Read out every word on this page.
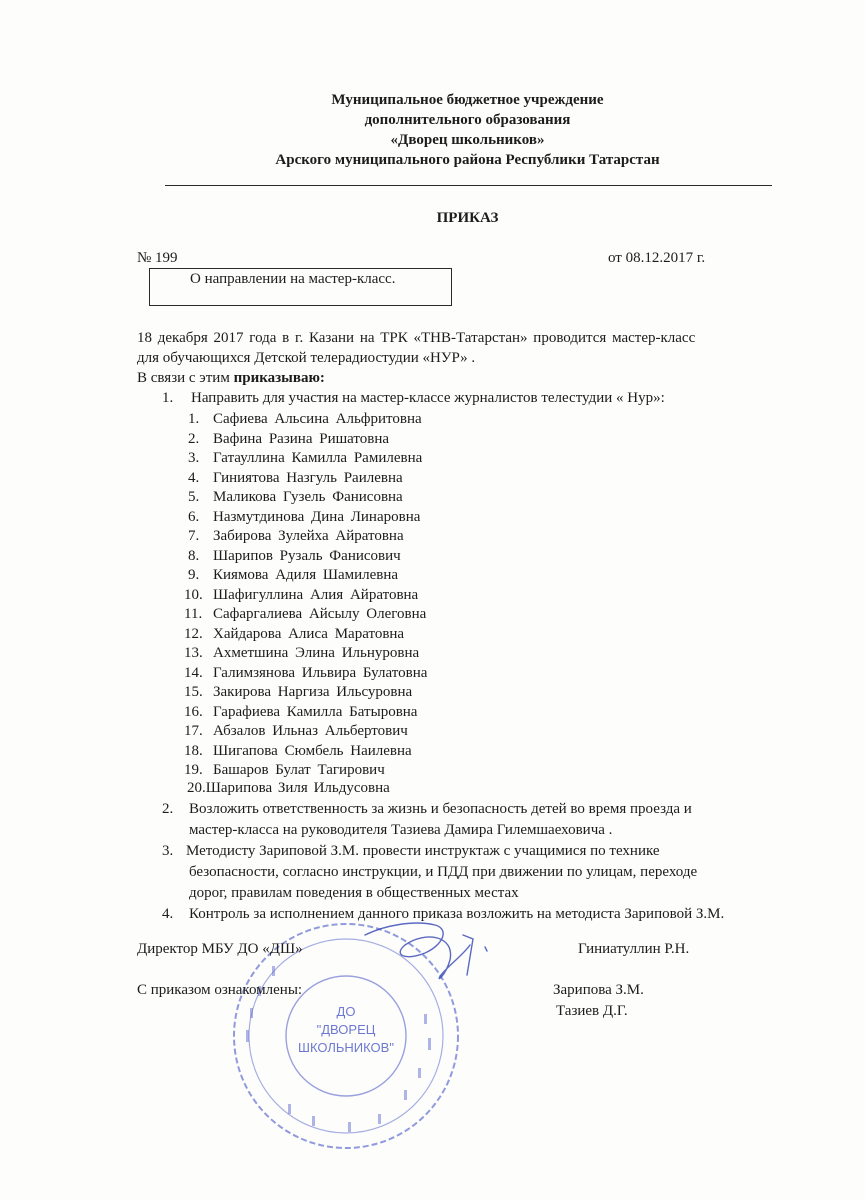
Муниципальное бюджетное учреждение
дополнительного образования
«Дворец школьников»
Арского муниципального района Республики Татарстан
ПРИКАЗ
№ 199	от 08.12.2017 г.
О направлении на мастер-класс.
18 декабря 2017 года в г. Казани на ТРК «ТНВ-Татарстан» проводится мастер-класс
для обучающихся Детской телерадиостудии «НУР» .
В связи с этим приказываю:
1. Направить для участия на мастер-классе журналистов телестудии « Нур»:
1. Сафиева Альсина Альфритовна
2. Вафина Разина Ришатовна
3. Гатауллина Камилла Рамилевна
4. Гиниятова Назгуль Раилевна
5. Маликова Гузель Фанисовна
6. Назмутдинова Дина Линаровна
7. Забирова Зулейха Айратовна
8. Шарипов Рузаль Фанисович
9. Киямова Адиля Шамилевна
10. Шафигуллина Алия Айратовна
11. Сафаргалиева Айсылу Олеговна
12. Хайдарова Алиса Маратовна
13. Ахметшина Элина Ильнуровна
14. Галимзянова Ильвира Булатовна
15. Закирова Наргиза Ильсуровна
16. Гарафиева Камилла Батыровна
17. Абзалов Ильназ Альбертович
18. Шигапова Сюмбель Наилевна
19. Башаров Булат Тагирович
20.Шарипова Зиля Ильдусовна
2. Возложить ответственность за жизнь и безопасность детей во время проезда и
мастер-класса на руководителя Тазиева Дамира Гилемшаеховича .
3. Методисту Зариповой З.М. провести инструктаж с учащимися по технике
безопасности, согласно инструкции, и ПДД при движении по улицам, переходе
дорог, правилам поведения в общественных местах
4. Контроль за исполнением данного приказа возложить на методиста Зариповой З.М.
ДО
"ДВОРЕЦ
ШКОЛЬНИКОВ"
Директор МБУ ДО «ДШ»	Гиниатуллин Р.Н.
С приказом ознакомлены:	Зарипова З.М.
Тазиев Д.Г.
